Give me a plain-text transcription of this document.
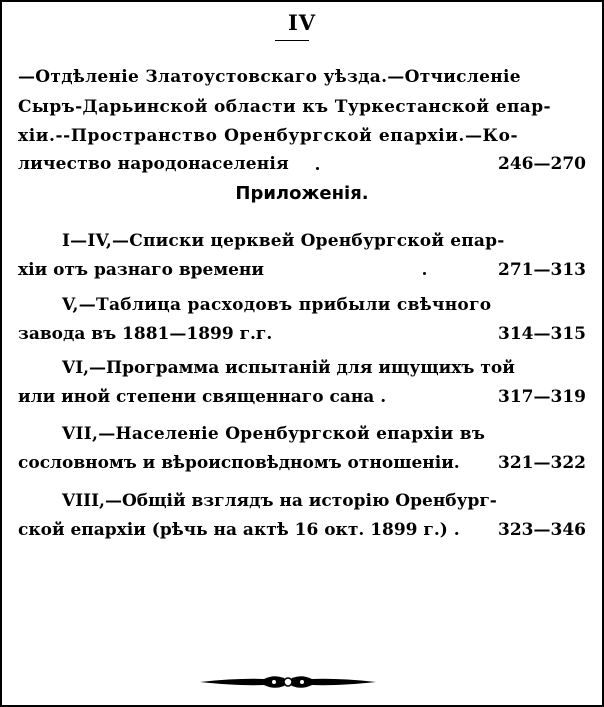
IV
—Отдѣленіе Златоустовскаго уѣзда.—Отчисленіе
Сыръ-Дарьинской области къ Туркестанской епар-
хіи.--Пространство Оренбургской епархіи.—Ко-
личество народонаселенія	246—270
Приложенія.
I—IV,—Списки церквей Оренбургской епар-
хіи отъ разнаго времени	271—313
V,—Таблица расходовъ прибыли свѣчного
завода въ 1881—1899 г.г.	314—315
VI,—Программа испытаній для ищущихъ той
или иной степени священнаго сана .	317—319
VII,—Населеніе Оренбургской епархіи въ
сословномъ и вѣроисповѣдномъ отношеніи. 321—322
VIII,—Общій взглядъ на исторію Оренбург-
ской епархіи (рѣчь на актѣ 16 окт. 1899 г.) . 323—346
